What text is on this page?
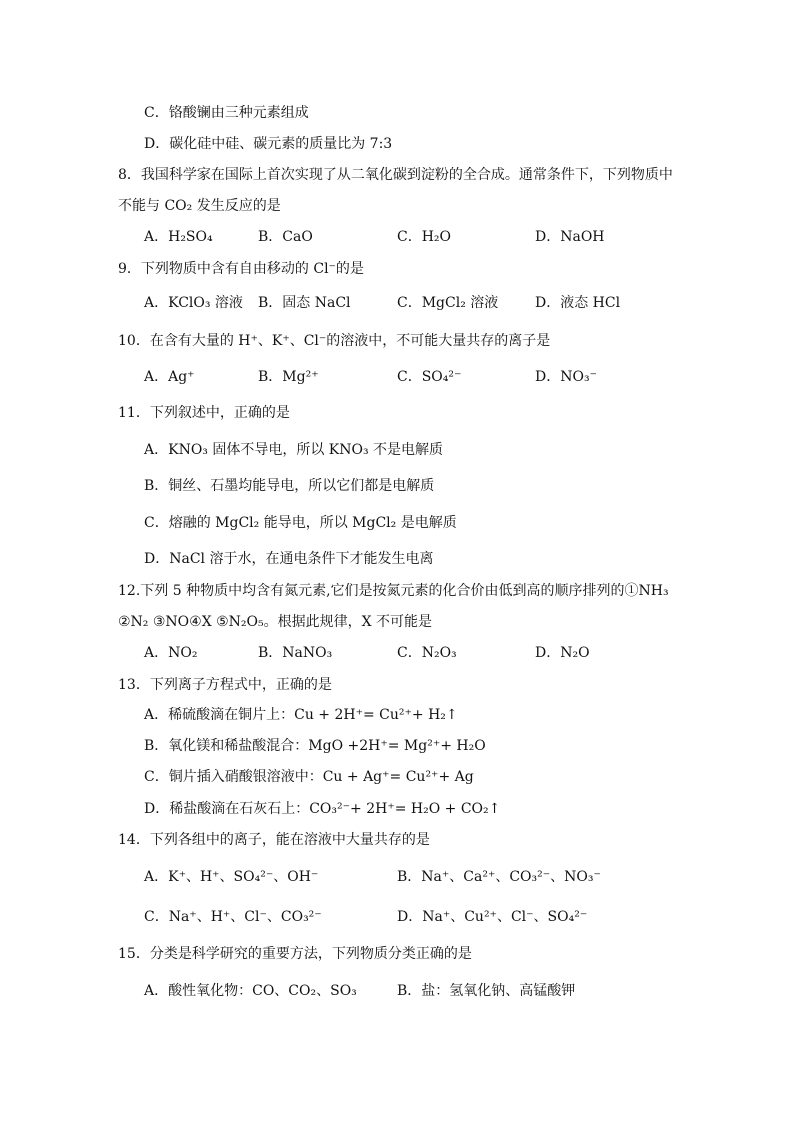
C．铬酸镧由三种元素组成
D．碳化硅中硅、碳元素的质量比为 7:3
8．我国科学家在国际上首次实现了从二氧化碳到淀粉的全合成。通常条件下，下列物质中
不能与 CO₂ 发生反应的是
A．H₂SO₄	B．CaO	C．H₂O	D．NaOH
9．下列物质中含有自由移动的 Cl⁻的是
A．KClO₃ 溶液 B．固态 NaCl	C．MgCl₂ 溶液	D．液态 HCl
10．在含有大量的 H⁺、K⁺、Cl⁻的溶液中，不可能大量共存的离子是
A．Ag⁺	B．Mg²⁺	C．SO₄²⁻	D．NO₃⁻
11．下列叙述中，正确的是
A．KNO₃ 固体不导电，所以 KNO₃ 不是电解质
B．铜丝、石墨均能导电，所以它们都是电解质
C．熔融的 MgCl₂ 能导电，所以 MgCl₂ 是电解质
D．NaCl 溶于水，在通电条件下才能发生电离
12.下列 5 种物质中均含有氮元素,它们是按氮元素的化合价由低到高的顺序排列的①NH₃
②N₂ ③NO④X ⑤N₂O₅。根据此规律，X 不可能是
A．NO₂	B．NaNO₃	C．N₂O₃	D．N₂O
13．下列离子方程式中，正确的是
A．稀硫酸滴在铜片上：Cu + 2H⁺= Cu²⁺+ H₂↑
B．氧化镁和稀盐酸混合：MgO +2H⁺= Mg²⁺+ H₂O
C．铜片插入硝酸银溶液中：Cu + Ag⁺= Cu²⁺+ Ag
D．稀盐酸滴在石灰石上：CO₃²⁻+ 2H⁺= H₂O + CO₂↑
14．下列各组中的离子，能在溶液中大量共存的是
A．K⁺、H⁺、SO₄²⁻、OH⁻	B．Na⁺、Ca²⁺、CO₃²⁻、NO₃⁻
C．Na⁺、H⁺、Cl⁻、CO₃²⁻	D．Na⁺、Cu²⁺、Cl⁻、SO₄²⁻
15．分类是科学研究的重要方法，下列物质分类正确的是
A．酸性氧化物：CO、CO₂、SO₃	B．盐：氢氧化钠、高锰酸钾
